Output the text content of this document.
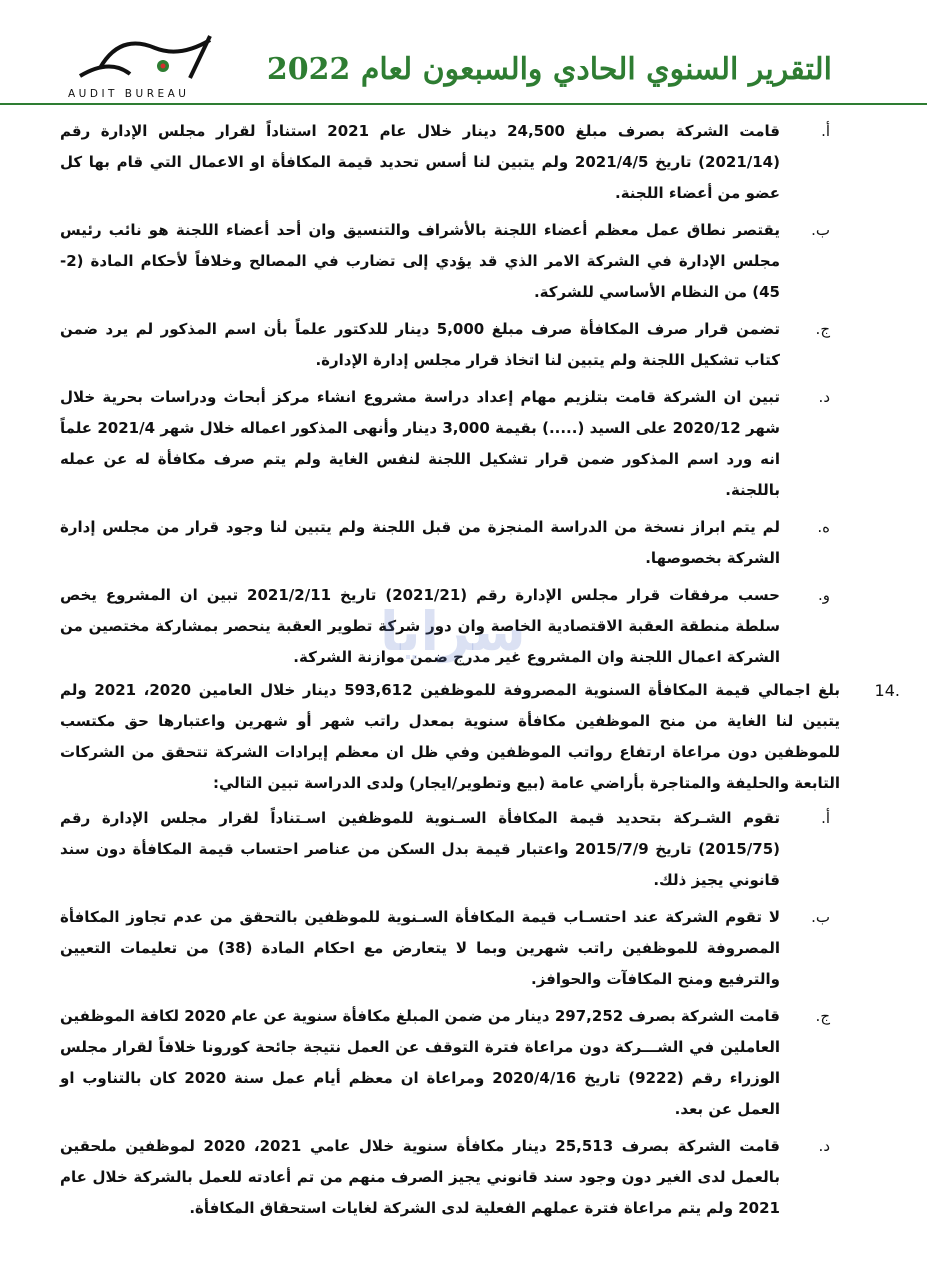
التقرير السنوي الحادي والسبعون لعام 2022
AUDIT BUREAU
أ.
قامت الشركة بصرف مبلغ 24,500 دينار خلال عام 2021 استناداً لقرار مجلس الإدارة رقم (2021/14) تاريخ 2021/4/5 ولم يتبين لنا أسس تحديد قيمة المكافأة او الاعمال التي قام بها كل عضو من أعضاء اللجنة.
ب.
يقتصر نطاق عمل معظم أعضاء اللجنة بالأشراف والتنسيق وان أحد أعضاء اللجنة هو نائب رئيس مجلس الإدارة في الشركة الامر الذي قد يؤدي إلى تضارب في المصالح وخلافاً لأحكام المادة (2-45) من النظام الأساسي للشركة.
ج.
تضمن قرار صرف المكافأة صرف مبلغ 5,000 دينار للدكتور علماً بأن اسم المذكور لم يرد ضمن كتاب تشكيل اللجنة ولم يتبين لنا اتخاذ قرار مجلس إدارة الإدارة.
د.
تبين ان الشركة قامت بتلزيم مهام إعداد دراسة مشروع انشاء مركز أبحاث ودراسات بحرية خلال شهر 2020/12 على السيد (.....) بقيمة 3,000 دينار وأنهى المذكور اعماله خلال شهر 2021/4 علماً انه ورد اسم المذكور ضمن قرار تشكيل اللجنة لنفس الغاية ولم يتم صرف مكافأة له عن عمله باللجنة.
ه.
لم يتم ابراز نسخة من الدراسة المنجزة من قبل اللجنة ولم يتبين لنا وجود قرار من مجلس إدارة الشركة بخصوصها.
و.
حسب مرفقات قرار مجلس الإدارة رقم (2021/21) تاريخ 2021/2/11 تبين ان المشروع يخص سلطة منطقة العقبة الاقتصادية الخاصة وان دور شركة تطوير العقبة ينحصر بمشاركة مختصين من الشركة اعمال اللجنة وان المشروع غير مدرج ضمن موازنة الشركة.
14.
بلغ اجمالي قيمة المكافأة السنوية المصروفة للموظفين 593,612 دينار خلال العامين 2020، 2021 ولم يتبين لنا الغاية من منح الموظفين مكافأة سنوية بمعدل راتب شهر أو شهرين واعتبارها حق مكتسب للموظفين دون مراعاة ارتفاع رواتب الموظفين وفي ظل ان معظم إيرادات الشركة تتحقق من الشركات التابعة والحليفة والمتاجرة بأراضي عامة (بيع وتطوير/ايجار) ولدى الدراسة تبين التالي:
أ.
تقوم الشـركة بتحديد قيمة المكافأة السـنوية للموظفين اسـتناداً لقرار مجلس الإدارة رقم (2015/75) تاريخ 2015/7/9 واعتبار قيمة بدل السكن من عناصر احتساب قيمة المكافأة دون سند قانوني يجيز ذلك.
ب.
لا تقوم الشركة عند احتسـاب قيمة المكافأة السـنوية للموظفين بالتحقق من عدم تجاوز المكافأة المصروفة للموظفين راتب شهرين وبما لا يتعارض مع احكام المادة (38) من تعليمات التعيين والترفيع ومنح المكافآت والحوافز.
ج.
قامت الشركة بصرف 297,252 دينار من ضمن المبلغ مكافأة سنوية عن عام 2020 لكافة الموظفين العاملين في الشـــركة دون مراعاة فترة التوقف عن العمل نتيجة جائحة كورونا خلافاً لقرار مجلس الوزراء رقم (9222) تاريخ 2020/4/16 ومراعاة ان معظم أيام عمل سنة 2020 كان بالتناوب او العمل عن بعد.
د.
قامت الشركة بصرف 25,513 دينار مكافأة سنوية خلال عامي 2021، 2020 لموظفين ملحقين بالعمل لدى الغير دون وجود سند قانوني يجيز الصرف منهم من تم أعادته للعمل بالشركة خلال عام 2021 ولم يتم مراعاة فترة عملهم الفعلية لدى الشركة لغايات استحقاق المكافأة.
سرايا
